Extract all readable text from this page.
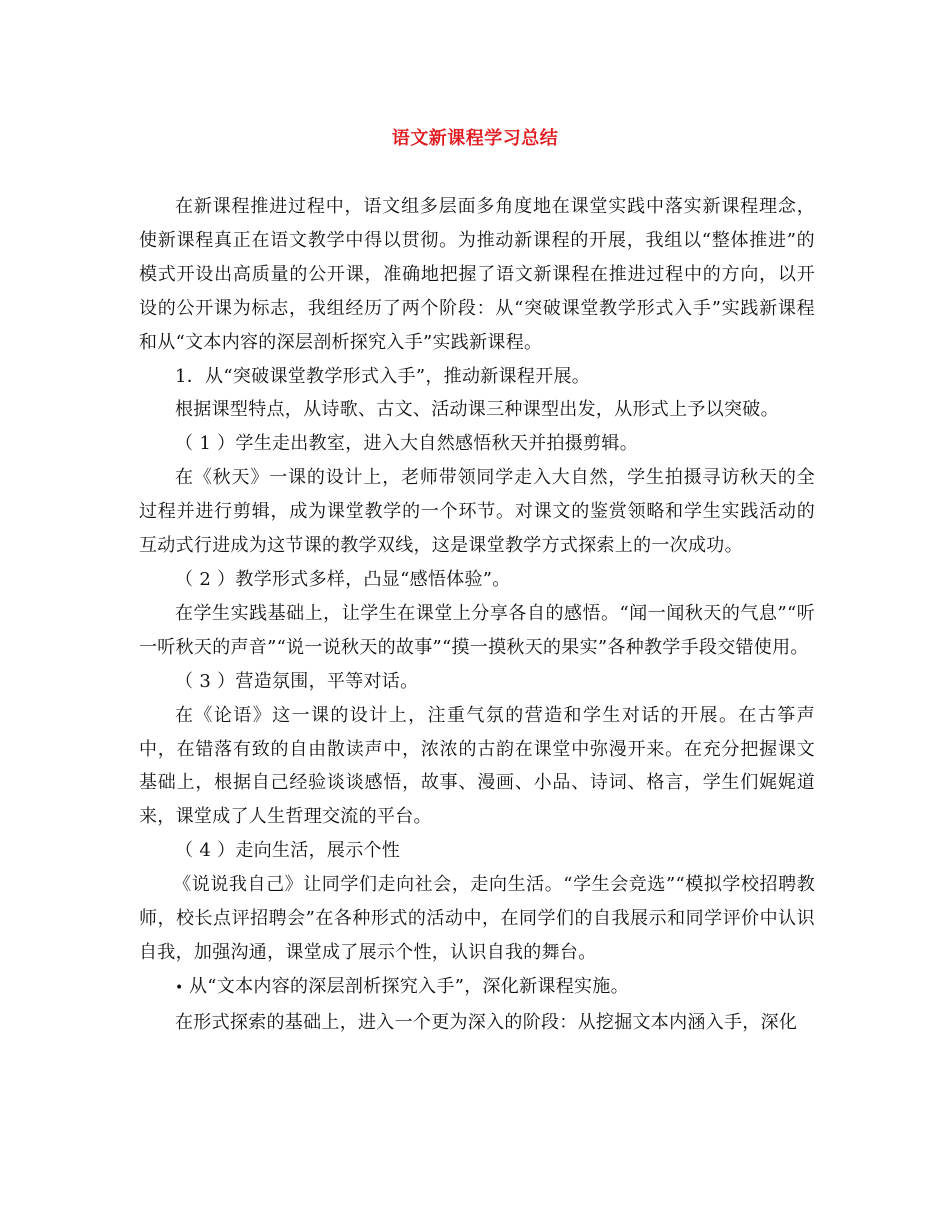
语文新课程学习总结

在新课程推进过程中，语文组多层面多角度地在课堂实践中落实新课程理念，使新课程真正在语文教学中得以贯彻。为推动新课程的开展，我组以“整体推进”的模式开设出高质量的公开课，准确地把握了语文新课程在推进过程中的方向，以开设的公开课为标志，我组经历了两个阶段：从“突破课堂教学形式入手”实践新课程和从“文本内容的深层剖析探究入手”实践新课程。

1．从“突破课堂教学形式入手”，推动新课程开展。

根据课型特点，从诗歌、古文、活动课三种课型出发，从形式上予以突破。

（ 1 ）学生走出教室，进入大自然感悟秋天并拍摄剪辑。

在《秋天》一课的设计上，老师带领同学走入大自然，学生拍摄寻访秋天的全过程并进行剪辑，成为课堂教学的一个环节。对课文的鉴赏领略和学生实践活动的互动式行进成为这节课的教学双线，这是课堂教学方式探索上的一次成功。

（ 2 ）教学形式多样，凸显“感悟体验”。

在学生实践基础上，让学生在课堂上分享各自的感悟。“闻一闻秋天的气息”“听一听秋天的声音”“说一说秋天的故事”“摸一摸秋天的果实”各种教学手段交错使用。

（ 3 ）营造氛围，平等对话。

在《论语》这一课的设计上，注重气氛的营造和学生对话的开展。在古筝声中，在错落有致的自由散读声中，浓浓的古韵在课堂中弥漫开来。在充分把握课文基础上，根据自己经验谈谈感悟，故事、漫画、小品、诗词、格言，学生们娓娓道来，课堂成了人生哲理交流的平台。

（ 4 ）走向生活，展示个性

《说说我自己》让同学们走向社会，走向生活。“学生会竞选”“模拟学校招聘教师，校长点评招聘会”在各种形式的活动中，在同学们的自我展示和同学评价中认识自我，加强沟通，课堂成了展示个性，认识自我的舞台。

• 从“文本内容的深层剖析探究入手”，深化新课程实施。

在形式探索的基础上，进入一个更为深入的阶段：从挖掘文本内涵入手，深化
